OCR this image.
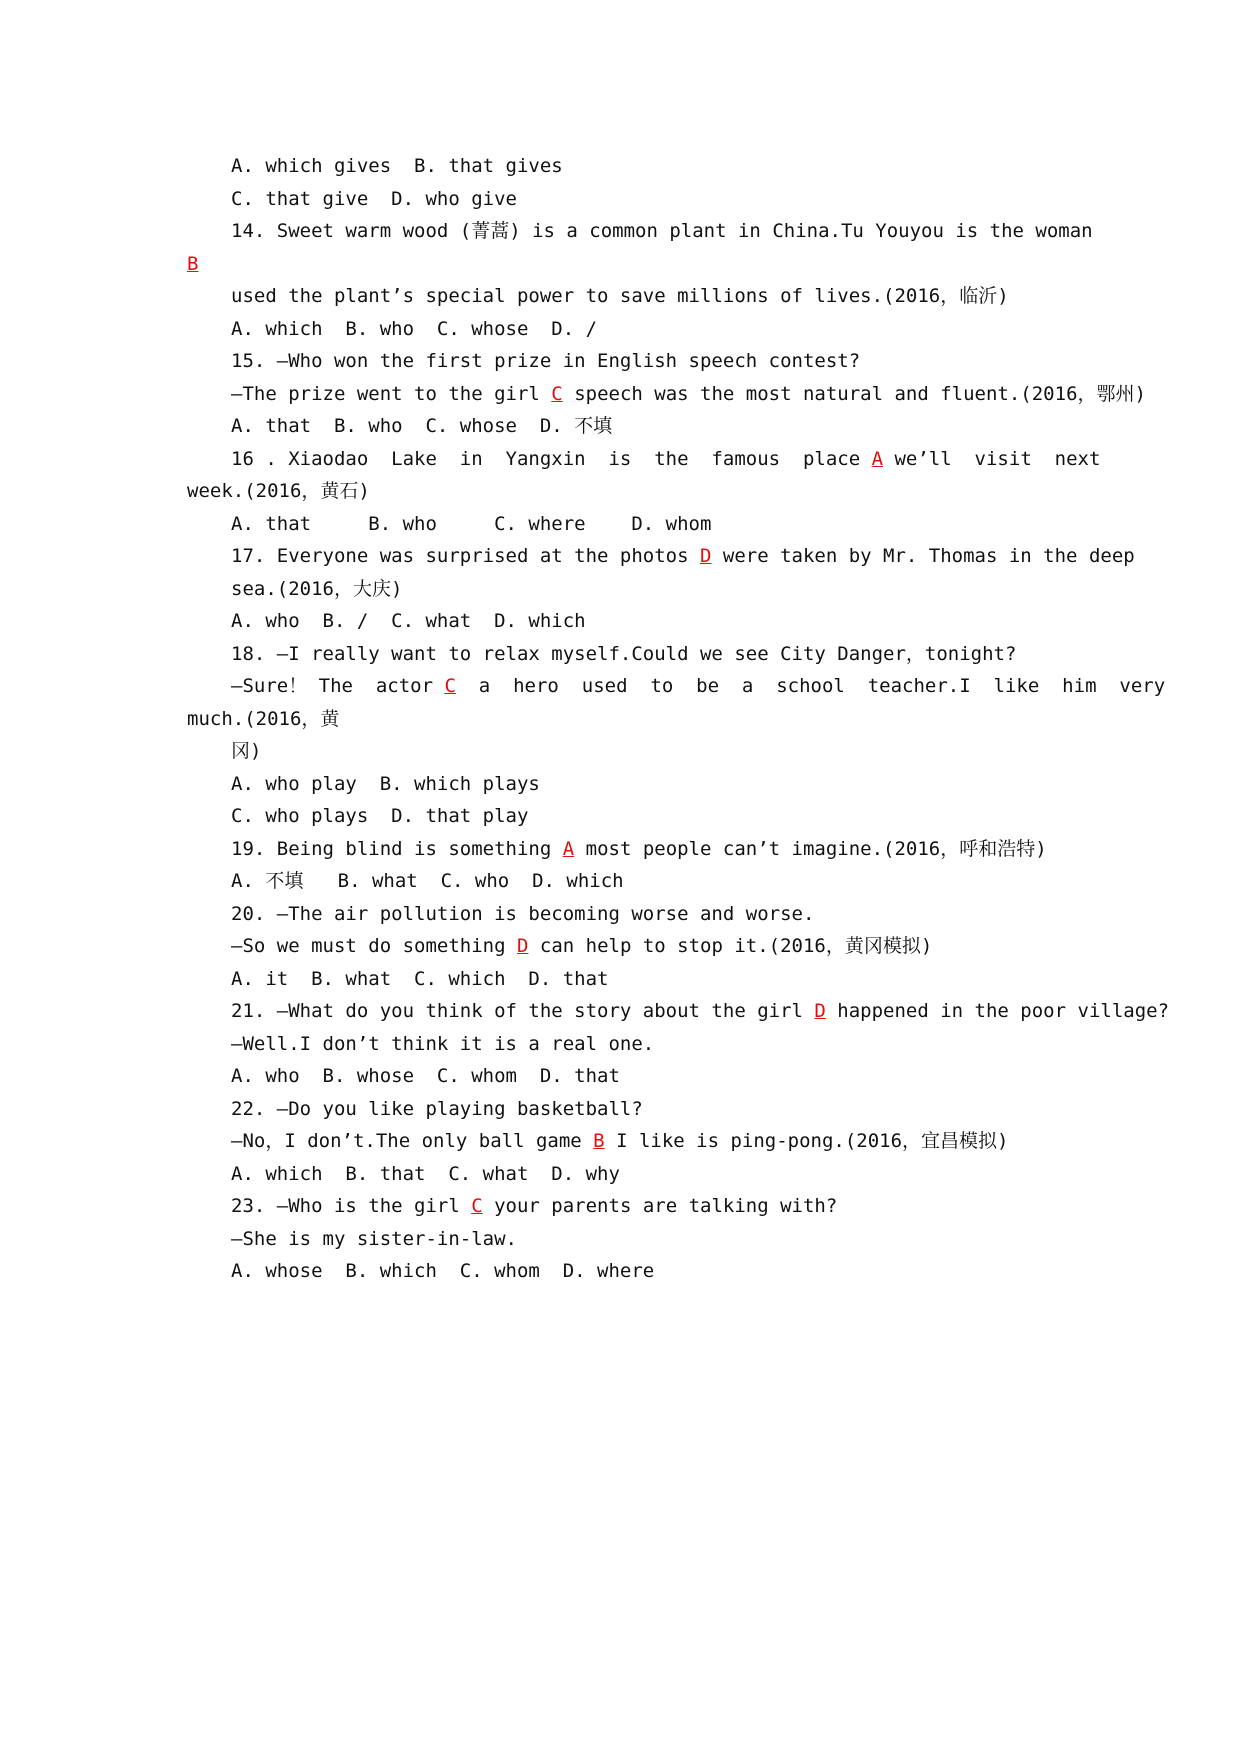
A. which gives  B. that gives
C. that give  D. who give
14. Sweet warm wood (菁蒿) is a common plant in China.Tu Youyou is the woman
B
used the plant’s special power to save millions of lives.(2016，临沂)
A. which  B. who  C. whose  D. /
15. —Who won the first prize in English speech contest?
—The prize went to the girl C speech was the most natural and fluent.(2016，鄂州)
A. that  B. who  C. whose  D. 不填
16 . Xiaodao  Lake  in  Yangxin  is  the  famous  place A we’ll  visit  next
week.(2016，黄石)
A. that     B. who     C. where    D. whom
17. Everyone was surprised at the photos D were taken by Mr. Thomas in the deep
sea.(2016，大庆)
A. who  B. /  C. what  D. which
18. —I really want to relax myself.Could we see City Danger，tonight?
—Sure！ The  actor C  a  hero  used  to  be  a  school  teacher.I  like  him  very
much.(2016，黄
冈)
A. who play  B. which plays
C. who plays  D. that play
19. Being blind is something A most people can’t imagine.(2016，呼和浩特)
A. 不填   B. what  C. who  D. which
20. —The air pollution is becoming worse and worse.
—So we must do something D can help to stop it.(2016，黄冈模拟)
A. it  B. what  C. which  D. that
21. —What do you think of the story about the girl D happened in the poor village?
—Well.I don’t think it is a real one.
A. who  B. whose  C. whom  D. that
22. —Do you like playing basketball?
—No，I don’t.The only ball game B I like is ping-pong.(2016，宜昌模拟)
A. which  B. that  C. what  D. why
23. —Who is the girl C your parents are talking with?
—She is my sister-in-law.
A. whose  B. which  C. whom  D. where
